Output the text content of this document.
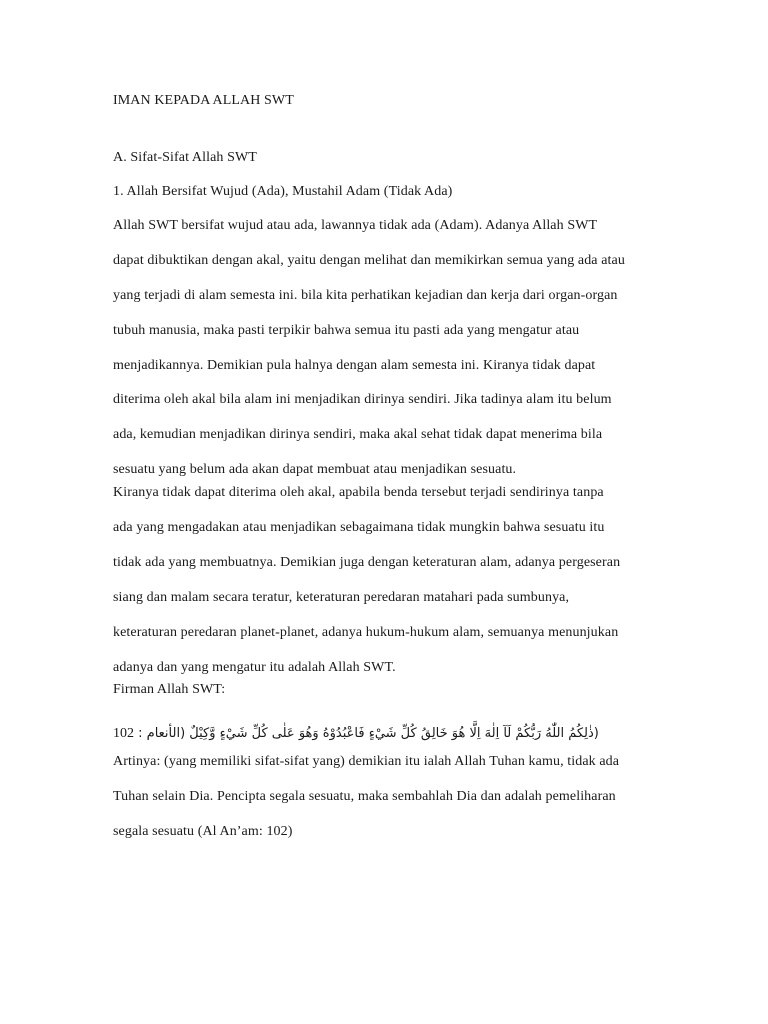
IMAN KEPADA ALLAH SWT
A. Sifat-Sifat Allah SWT
1. Allah Bersifat Wujud (Ada), Mustahil Adam (Tidak Ada)
Allah SWT bersifat wujud atau ada, lawannya tidak ada (Adam). Adanya Allah SWT
dapat dibuktikan dengan akal, yaitu dengan melihat dan memikirkan semua yang ada atau
yang terjadi di alam semesta ini. bila kita perhatikan kejadian dan kerja dari organ-organ
tubuh manusia, maka pasti terpikir bahwa semua itu pasti ada yang mengatur atau
menjadikannya. Demikian pula halnya dengan alam semesta ini. Kiranya tidak dapat
diterima oleh akal bila alam ini menjadikan dirinya sendiri. Jika tadinya alam itu belum
ada, kemudian menjadikan dirinya sendiri, maka akal sehat tidak dapat menerima bila
sesuatu yang belum ada akan dapat membuat atau menjadikan sesuatu.
Kiranya tidak dapat diterima oleh akal, apabila benda tersebut terjadi sendirinya tanpa
ada yang mengadakan atau menjadikan sebagaimana tidak mungkin bahwa sesuatu itu
tidak ada yang membuatnya. Demikian juga dengan keteraturan alam, adanya pergeseran
siang dan malam secara teratur, keteraturan peredaran matahari pada sumbunya,
keteraturan peredaran planet-planet, adanya hukum-hukum alam, semuanya menunjukan
adanya dan yang mengatur itu adalah Allah SWT.
Firman Allah SWT:
(ذٰلِكُمُ اللّٰهُ رَبُّكُمْ لَآ اِلٰهَ اِلَّا هُوَ خَالِقُ كُلِّ شَيْءٍ فَاعْبُدُوْهُ وَهُوَ عَلٰى كُلِّ شَيْءٍ وَّكِيْلٌ (الأنعام : 102
Artinya: (yang memiliki sifat-sifat yang) demikian itu ialah Allah Tuhan kamu, tidak ada
Tuhan selain Dia. Pencipta segala sesuatu, maka sembahlah Dia dan adalah pemeliharan
segala sesuatu (Al An’am: 102)
